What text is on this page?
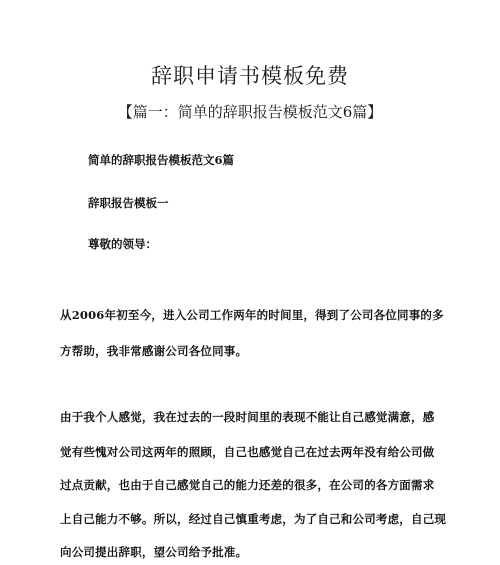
辞职申请书模板免费
【篇一：简单的辞职报告模板范文6篇】
简单的辞职报告模板范文6篇
辞职报告模板一
尊敬的领导：
从2006年初至今，进入公司工作两年的时间里，得到了公司各位同事的多
方帮助，我非常感谢公司各位同事。
由于我个人感觉，我在过去的一段时间里的表现不能让自己感觉满意，感
觉有些愧对公司这两年的照顾，自己也感觉自己在过去两年没有给公司做
过点贡献，也由于自己感觉自己的能力还差的很多，在公司的各方面需求
上自己能力不够。所以，经过自己慎重考虑，为了自己和公司考虑，自己现
向公司提出辞职，望公司给予批准。
